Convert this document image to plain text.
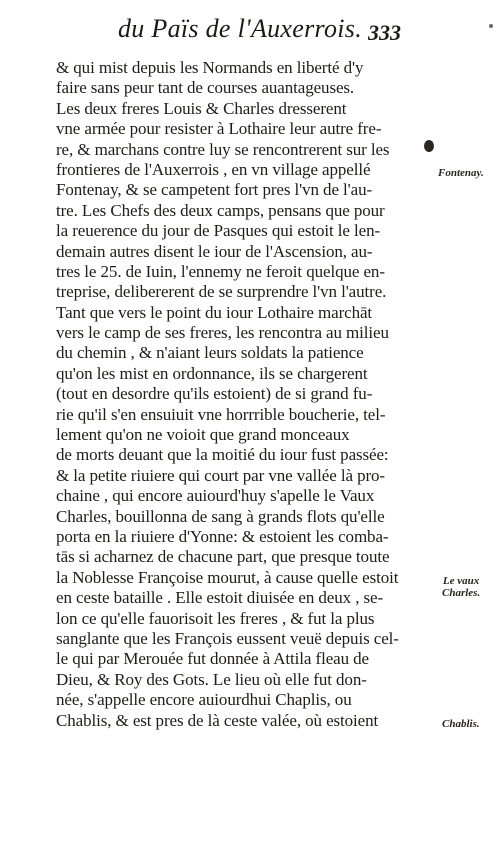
du Païs de l'Auxerrois. 333
& qui mist depuis les Normands en liberté d'y
faire sans peur tant de courses auantageuses.
Les deux freres Louis & Charles dresserent
vne armée pour resister à Lothaire leur autre fre-
re, & marchans contre luy se rencontrerent sur les
frontieres de l'Auxerrois , en vn village appellé
Fontenay, & se campetent fort pres l'vn de l'au-
tre. Les Chefs des deux camps, pensans que pour
la reuerence du jour de Pasques qui estoit le len-
demain autres disent le iour de l'Ascension, au-
tres le 25. de Iuin, l'ennemy ne feroit quelque en-
treprise, delibererent de se surprendre l'vn l'autre.
Tant que vers le point du iour Lothaire marchāt
vers le camp de ses freres, les rencontra au milieu
du chemin , & n'aiant leurs soldats la patience
qu'on les mist en ordonnance, ils se chargerent
(tout en desordre qu'ils estoient) de si grand fu-
rie qu'il s'en ensuiuit vne horrrible boucherie, tel-
lement qu'on ne voioit que grand monceaux
de morts deuant que la moitié du iour fust passée:
& la petite riuiere qui court par vne vallée là pro-
chaine , qui encore auiourd'huy s'apelle le Vaux
Charles, bouillonna de sang à grands flots qu'elle
porta en la riuiere d'Yonne: & estoient les comba-
tās si acharnez de chacune part, que presque toute
la Noblesse Françoise mourut, à cause quelle estoit
en ceste bataille . Elle estoit diuisée en deux , se-
lon ce qu'elle fauorisoit les freres , & fut la plus
sanglante que les François eussent veuë depuis cel-
le qui par Merouée fut donnée à Attila fleau de
Dieu, & Roy des Gots. Le lieu où elle fut don-
née, s'appelle encore auiourdhui Chaplis, ou
Chablis, & est pres de là ceste valée, où estoient
Fontenay.
Le vaux
Charles.
Chablis.
